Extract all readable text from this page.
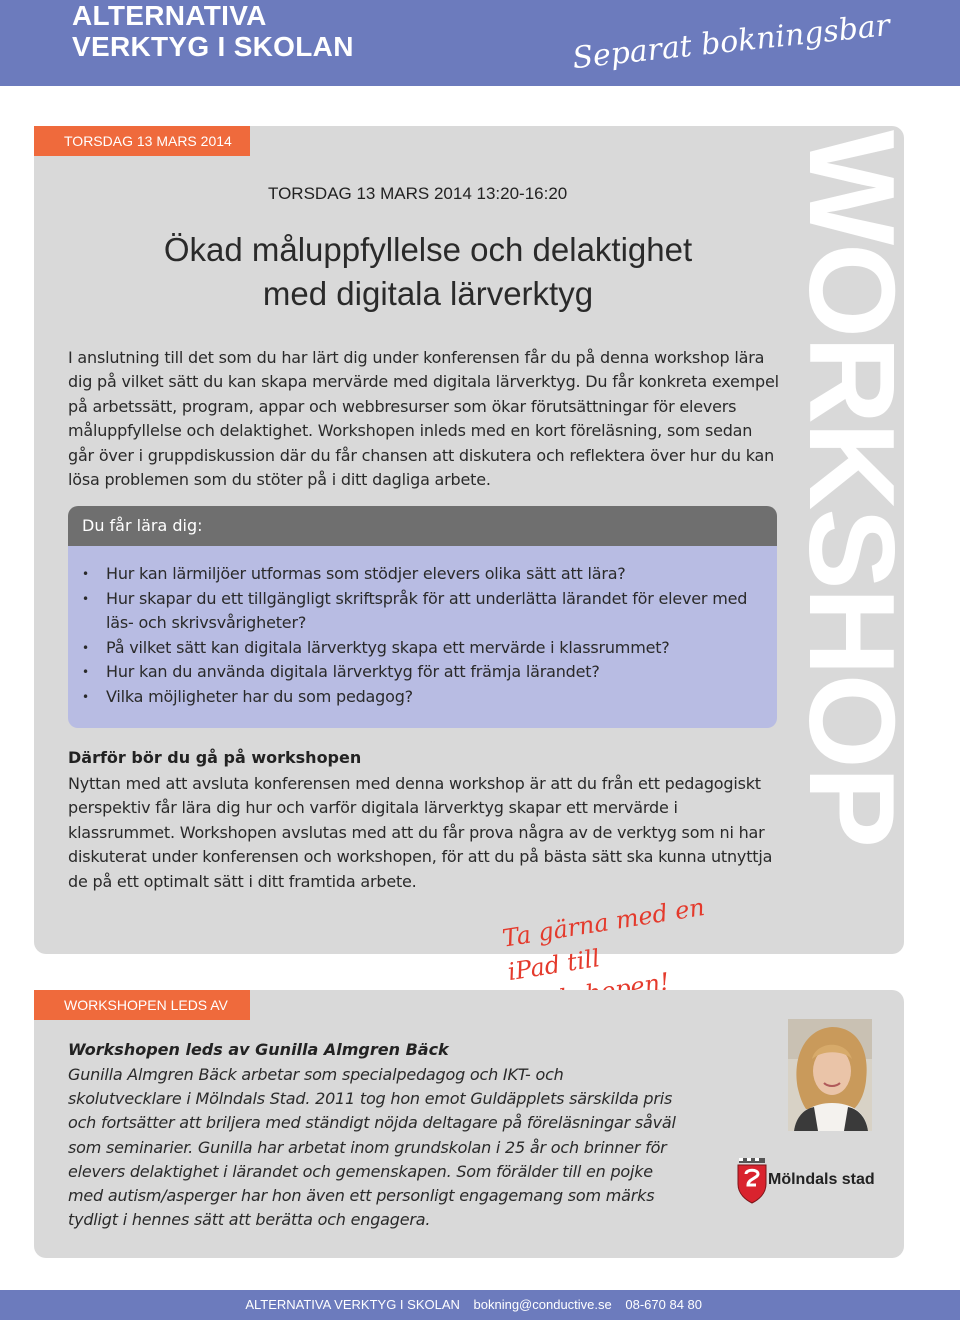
ALTERNATIVA
VERKTYG I SKOLAN	Separat bokningsbar
TORSDAG 13 MARS 2014	WORKSHOP
TORSDAG 13 MARS 2014 13:20-16:20
Ökad måluppfyllelse och delaktighet
med digitala lärverktyg
I anslutning till det som du har lärt dig under konferensen får du på denna workshop lära dig på vilket sätt du kan skapa mervärde med digitala lärverktyg. Du får konkreta exempel på arbetssätt, program, appar och webbresurser som ökar förutsättningar för elevers måluppfyllelse och delaktighet. Workshopen inleds med en kort föreläsning, som sedan går över i gruppdiskussion där du får chansen att diskutera och reflektera över hur du kan lösa problemen som du stöter på i ditt dagliga arbete.
Du får lära dig:
• Hur kan lärmiljöer utformas som stödjer elevers olika sätt att lära?
• Hur skapar du ett tillgängligt skriftspråk för att underlätta lärandet för elever med läs- och skrivsvårigheter?
• På vilket sätt kan digitala lärverktyg skapa ett mervärde i klassrummet?
• Hur kan du använda digitala lärverktyg för att främja lärandet?
• Vilka möjligheter har du som pedagog?
Därför bör du gå på workshopen
Nyttan med att avsluta konferensen med denna workshop är att du från ett pedagogiskt perspektiv får lära dig hur och varför digitala lärverktyg skapar ett mervärde i klassrummet. Workshopen avslutas med att du får prova några av de verktyg som ni har diskuterat under konferensen och workshopen, för att du på bästa sätt ska kunna utnyttja de på ett optimalt sätt i ditt framtida arbete.
Ta gärna med en iPad till
WORKSHOPEN LEDS AV
Workshopen leds av Gunilla Almgren Bäck
Gunilla Almgren Bäck arbetar som specialpedagog och IKT- och skolutvecklare i Mölndals Stad. 2011 tog hon emot Guldäpplets särskilda pris och fortsätter att briljera med ständigt nöjda deltagare på föreläsningar såväl som seminarier. Gunilla har arbetat inom grundskolan i 25 år och brinner för elevers delaktighet i lärandet och gemenskapen. Som förälder till en pojke med autism/asperger har hon även ett personligt engagemang som märks tydligt i hennes sätt att berätta och engagera.
Mölndals stad
ALTERNATIVA VERKTYG I SKOLAN bokning@conductive.se 08-670 84 80
